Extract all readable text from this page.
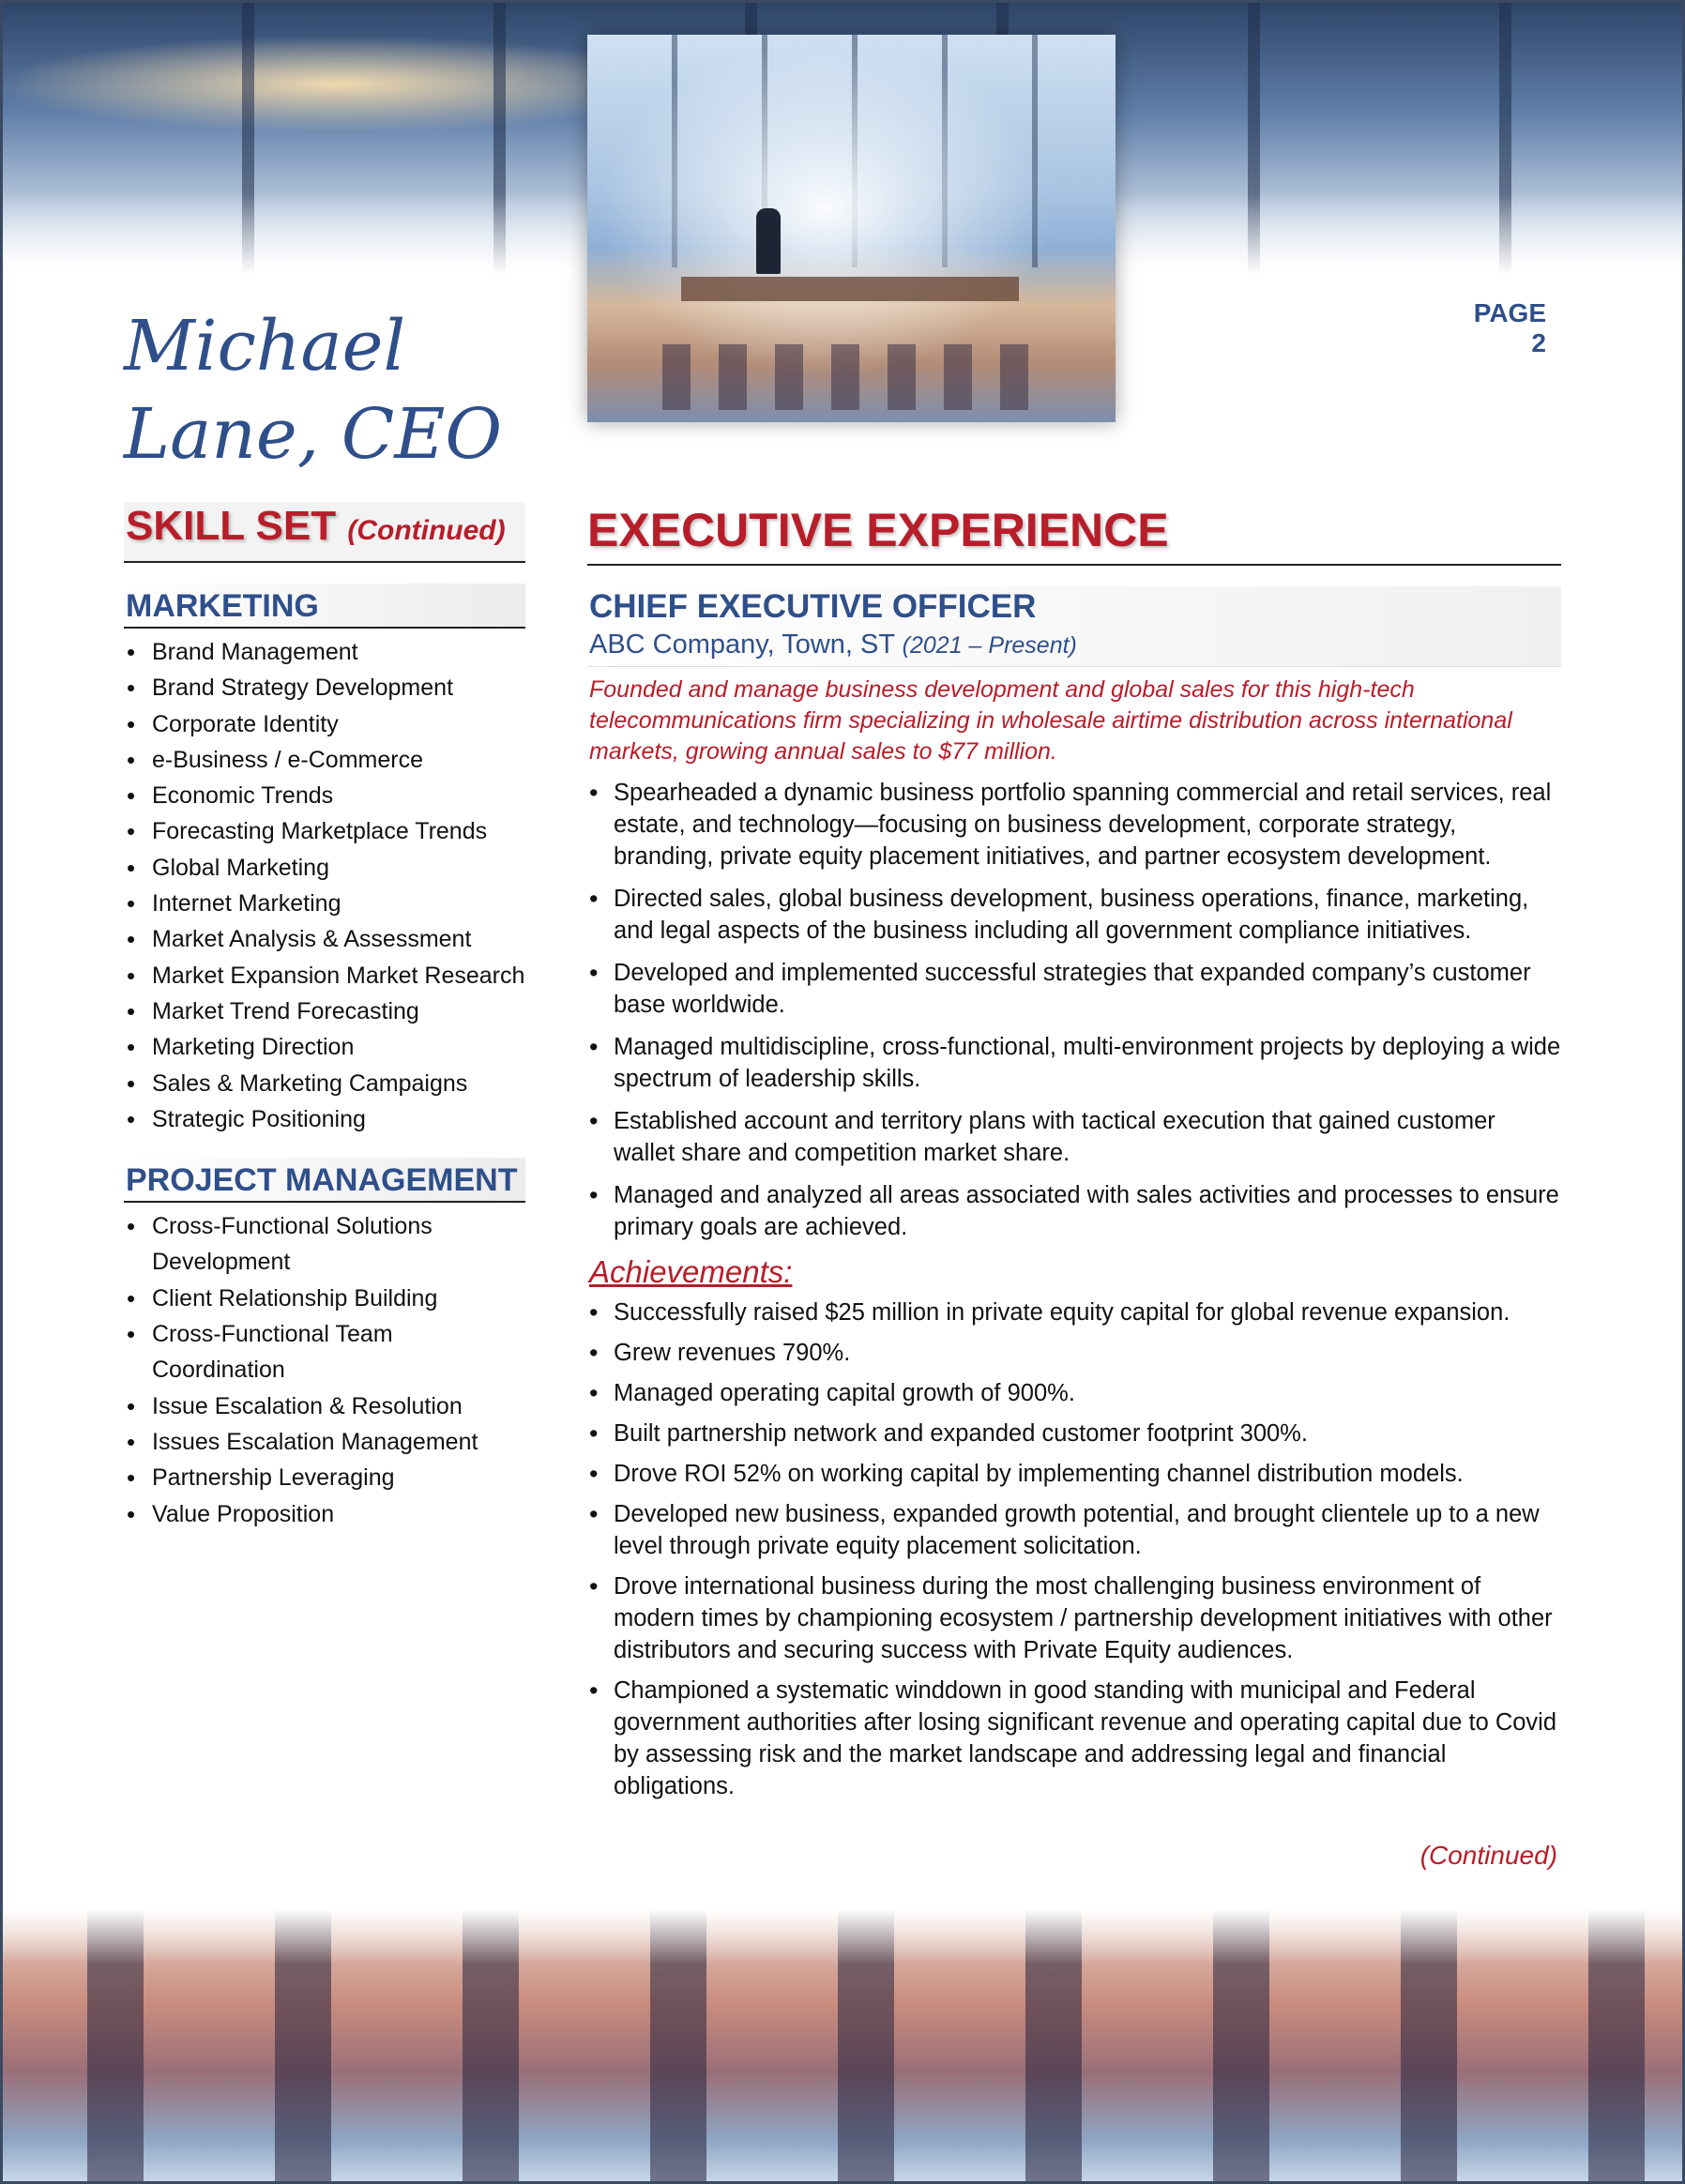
Michael Lane, CEO
PAGE 2
SKILL SET (Continued)
MARKETING
• Brand Management
• Brand Strategy Development
• Corporate Identity
• e-Business / e-Commerce
• Economic Trends
• Forecasting Marketplace Trends
• Global Marketing
• Internet Marketing
• Market Analysis & Assessment
• Market Expansion Market Research
• Market Trend Forecasting
• Marketing Direction
• Sales & Marketing Campaigns
• Strategic Positioning
PROJECT MANAGEMENT
• Cross-Functional Solutions Development
• Client Relationship Building
• Cross-Functional Team Coordination
• Issue Escalation & Resolution
• Issues Escalation Management
• Partnership Leveraging
• Value Proposition
EXECUTIVE EXPERIENCE
CHIEF EXECUTIVE OFFICER
ABC Company, Town, ST (2021 – Present)

Founded and manage business development and global sales for this high-tech telecommunications firm specializing in wholesale airtime distribution across international markets, growing annual sales to $77 million.

• Spearheaded a dynamic business portfolio spanning commercial and retail services, real estate, and technology—focusing on business development, corporate strategy, branding, private equity placement initiatives, and partner ecosystem development.
• Directed sales, global business development, business operations, finance, marketing, and legal aspects of the business including all government compliance initiatives.
• Developed and implemented successful strategies that expanded company’s customer base worldwide.
• Managed multidiscipline, cross-functional, multi-environment projects by deploying a wide spectrum of leadership skills.
• Established account and territory plans with tactical execution that gained customer wallet share and competition market share.
• Managed and analyzed all areas associated with sales activities and processes to ensure primary goals are achieved.
Achievements:
• Successfully raised $25 million in private equity capital for global revenue expansion.
• Grew revenues 790%.
• Managed operating capital growth of 900%.
• Built partnership network and expanded customer footprint 300%.
• Drove ROI 52% on working capital by implementing channel distribution models.
• Developed new business, expanded growth potential, and brought clientele up to a new level through private equity placement solicitation.
• Drove international business during the most challenging business environment of modern times by championing ecosystem / partnership development initiatives with other distributors and securing success with Private Equity audiences.
• Championed a systematic winddown in good standing with municipal and Federal government authorities after losing significant revenue and operating capital due to Covid by assessing risk and the market landscape and addressing legal and financial obligations.
(Continued)
